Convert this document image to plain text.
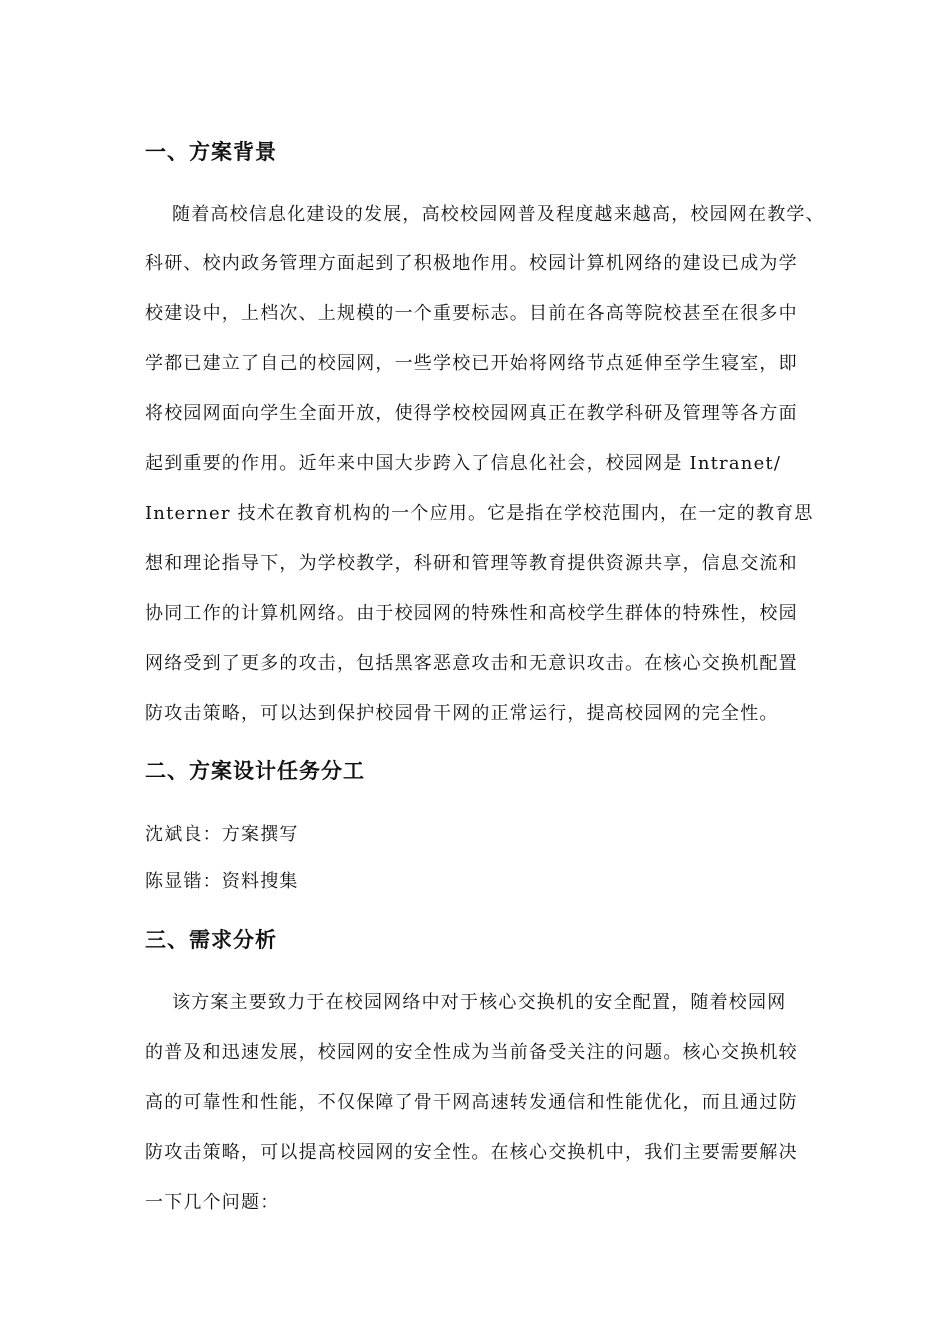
一、方案背景

随着高校信息化建设的发展，高校校园网普及程度越来越高，校园网在教学、

科研、校内政务管理方面起到了积极地作用。校园计算机网络的建设已成为学

校建设中，上档次、上规模的一个重要标志。目前在各高等院校甚至在很多中

学都已建立了自己的校园网，一些学校已开始将网络节点延伸至学生寝室，即

将校园网面向学生全面开放，使得学校校园网真正在教学科研及管理等各方面

起到重要的作用。近年来中国大步跨入了信息化社会，校园网是 Intranet/

Interner 技术在教育机构的一个应用。它是指在学校范围内，在一定的教育思

想和理论指导下，为学校教学，科研和管理等教育提供资源共享，信息交流和

协同工作的计算机网络。由于校园网的特殊性和高校学生群体的特殊性，校园

网络受到了更多的攻击，包括黑客恶意攻击和无意识攻击。在核心交换机配置

防攻击策略，可以达到保护校园骨干网的正常运行，提高校园网的完全性。

二、方案设计任务分工

沈斌良：方案撰写

陈显锴：资料搜集

三、需求分析

该方案主要致力于在校园网络中对于核心交换机的安全配置，随着校园网

的普及和迅速发展，校园网的安全性成为当前备受关注的问题。核心交换机较

高的可靠性和性能，不仅保障了骨干网高速转发通信和性能优化，而且通过防

防攻击策略，可以提高校园网的安全性。在核心交换机中，我们主要需要解决

一下几个问题：
